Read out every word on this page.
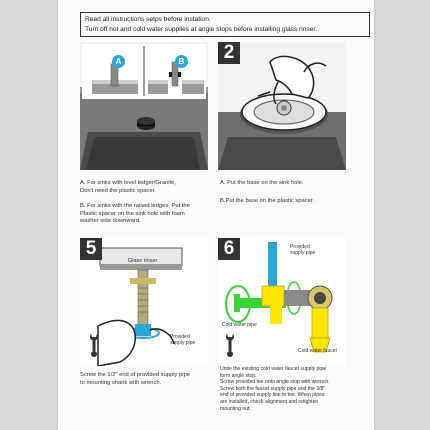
Read all instructions setps before instation.
Turn off hot and cold water supplies at angle stops before installing glass rinser.
A	B
A. For sinks with level ledger/Granite,
Don't need the plastic spacer.
B. For sinks with the raised ledges, Put the
Plastic spacer on the sink hole with foam
washer side downward.
2
A. Put the base on the sink hole.
B.Put the base on the plastic spacer.
5
Glass rinser
Provided
supply pipe
Screw the 1/2" end of provided supply pipe
to mounting shank with wrench.
6	Provided
supply pipe
Cold water pipe
Cold water faucet
Untie the existing cold water faucet supply pipe
form angle stop.
Screw provided tee onto angle stop with wrench.
Screw both the faucet supply pipe and the 3/8"
end of provided supply line to tee. When pipes
are installed, check alignment and retighten
mounting nut.
